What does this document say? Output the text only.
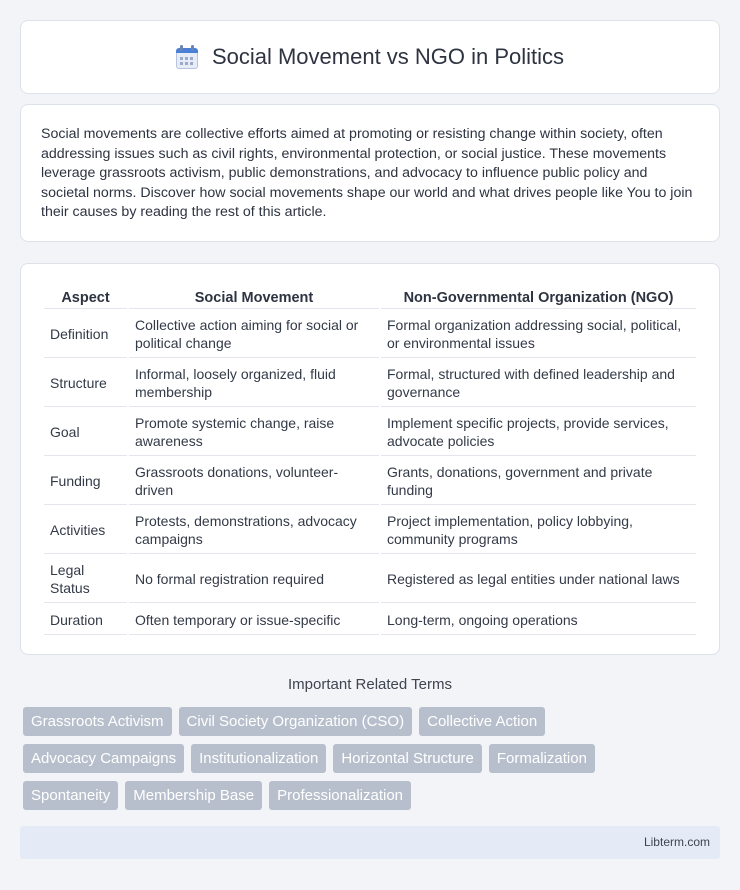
Social Movement vs NGO in Politics

Social movements are collective efforts aimed at promoting or resisting change within society, often addressing issues such as civil rights, environmental protection, or social justice. These movements leverage grassroots activism, public demonstrations, and advocacy to influence public policy and societal norms. Discover how social movements shape our world and what drives people like You to join their causes by reading the rest of this article.

Aspect	Social Movement	Non-Governmental Organization (NGO)
Definition	Collective action aiming for social or political change	Formal organization addressing social, political, or environmental issues
Structure	Informal, loosely organized, fluid membership	Formal, structured with defined leadership and governance
Goal	Promote systemic change, raise awareness	Implement specific projects, provide services, advocate policies
Funding	Grassroots donations, volunteer-driven	Grants, donations, government and private funding
Activities	Protests, demonstrations, advocacy campaigns	Project implementation, policy lobbying, community programs
Legal Status	No formal registration required	Registered as legal entities under national laws
Duration	Often temporary or issue-specific	Long-term, ongoing operations
Important Related Terms
Grassroots Activism	Civil Society Organization (CSO)	Collective Action
Advocacy Campaigns	Institutionalization	Horizontal Structure	Formalization
Spontaneity	Membership Base	Professionalization
Libterm.com
